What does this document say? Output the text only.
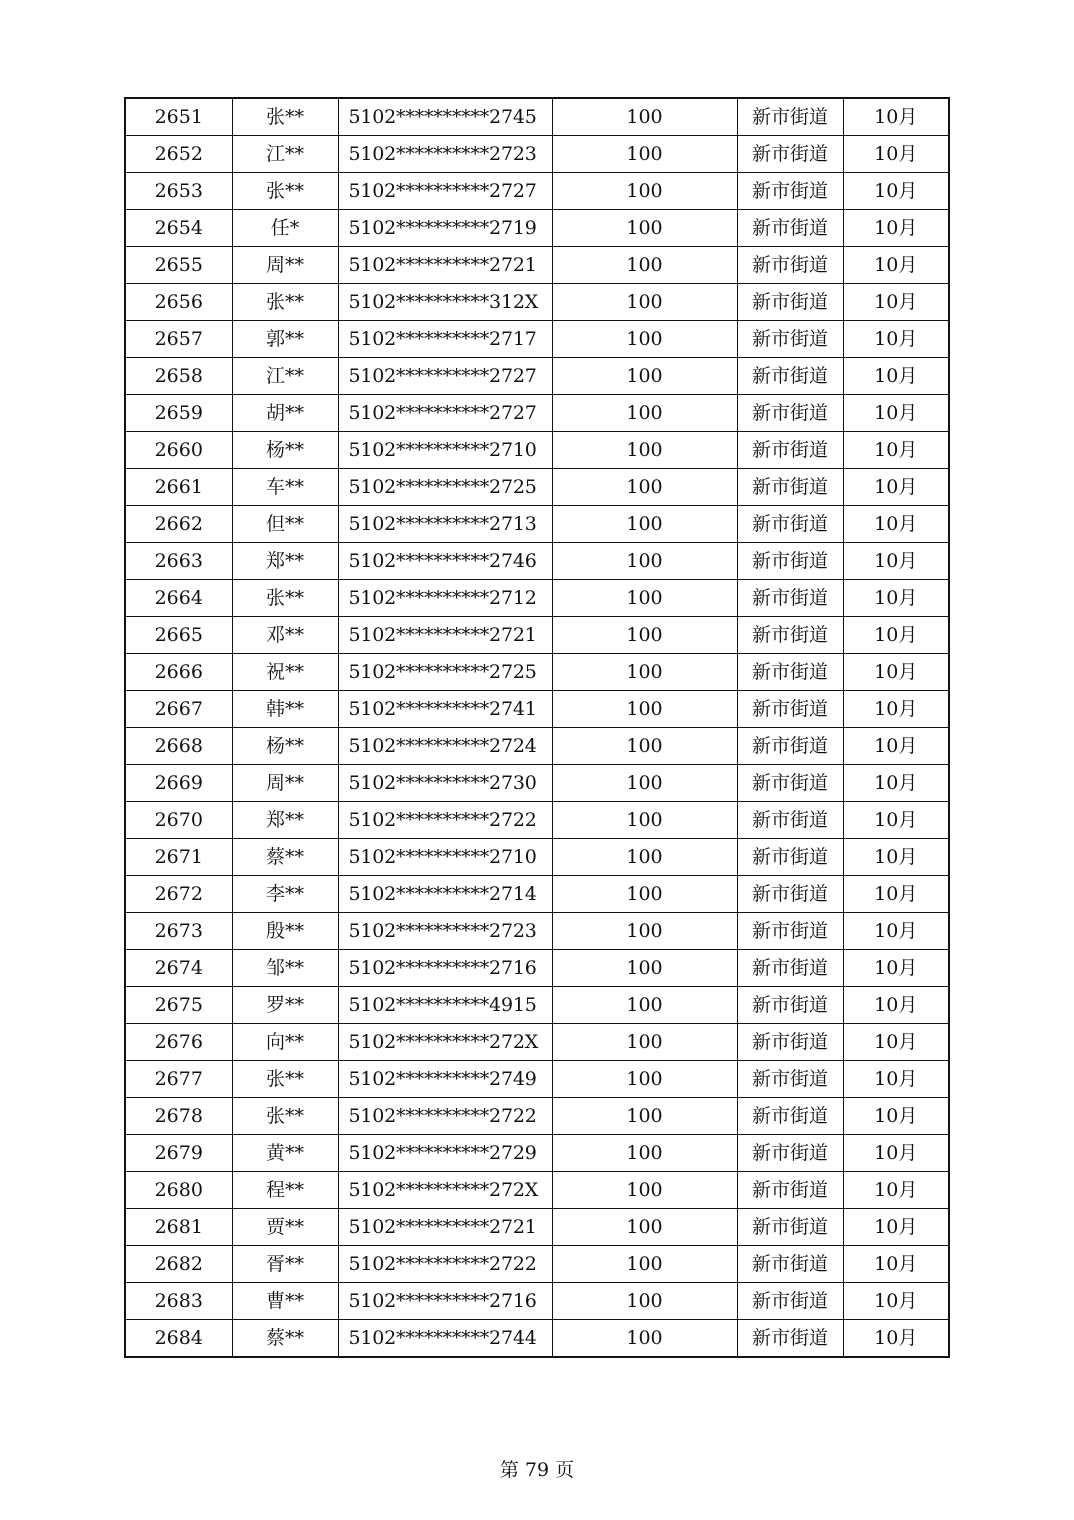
2651	张**	5102**********2745	100	新市街道	10月
2652	江**	5102**********2723	100	新市街道	10月
2653	张**	5102**********2727	100	新市街道	10月
2654	任*	5102**********2719	100	新市街道	10月
2655	周**	5102**********2721	100	新市街道	10月
2656	张**	5102**********312X	100	新市街道	10月
2657	郭**	5102**********2717	100	新市街道	10月
2658	江**	5102**********2727	100	新市街道	10月
2659	胡**	5102**********2727	100	新市街道	10月
2660	杨**	5102**********2710	100	新市街道	10月
2661	车**	5102**********2725	100	新市街道	10月
2662	但**	5102**********2713	100	新市街道	10月
2663	郑**	5102**********2746	100	新市街道	10月
2664	张**	5102**********2712	100	新市街道	10月
2665	邓**	5102**********2721	100	新市街道	10月
2666	祝**	5102**********2725	100	新市街道	10月
2667	韩**	5102**********2741	100	新市街道	10月
2668	杨**	5102**********2724	100	新市街道	10月
2669	周**	5102**********2730	100	新市街道	10月
2670	郑**	5102**********2722	100	新市街道	10月
2671	蔡**	5102**********2710	100	新市街道	10月
2672	李**	5102**********2714	100	新市街道	10月
2673	殷**	5102**********2723	100	新市街道	10月
2674	邹**	5102**********2716	100	新市街道	10月
2675	罗**	5102**********4915	100	新市街道	10月
2676	向**	5102**********272X	100	新市街道	10月
2677	张**	5102**********2749	100	新市街道	10月
2678	张**	5102**********2722	100	新市街道	10月
2679	黄**	5102**********2729	100	新市街道	10月
2680	程**	5102**********272X	100	新市街道	10月
2681	贾**	5102**********2721	100	新市街道	10月
2682	胥**	5102**********2722	100	新市街道	10月
2683	曹**	5102**********2716	100	新市街道	10月
2684	蔡**	5102**********2744	100	新市街道	10月
第 79 页
